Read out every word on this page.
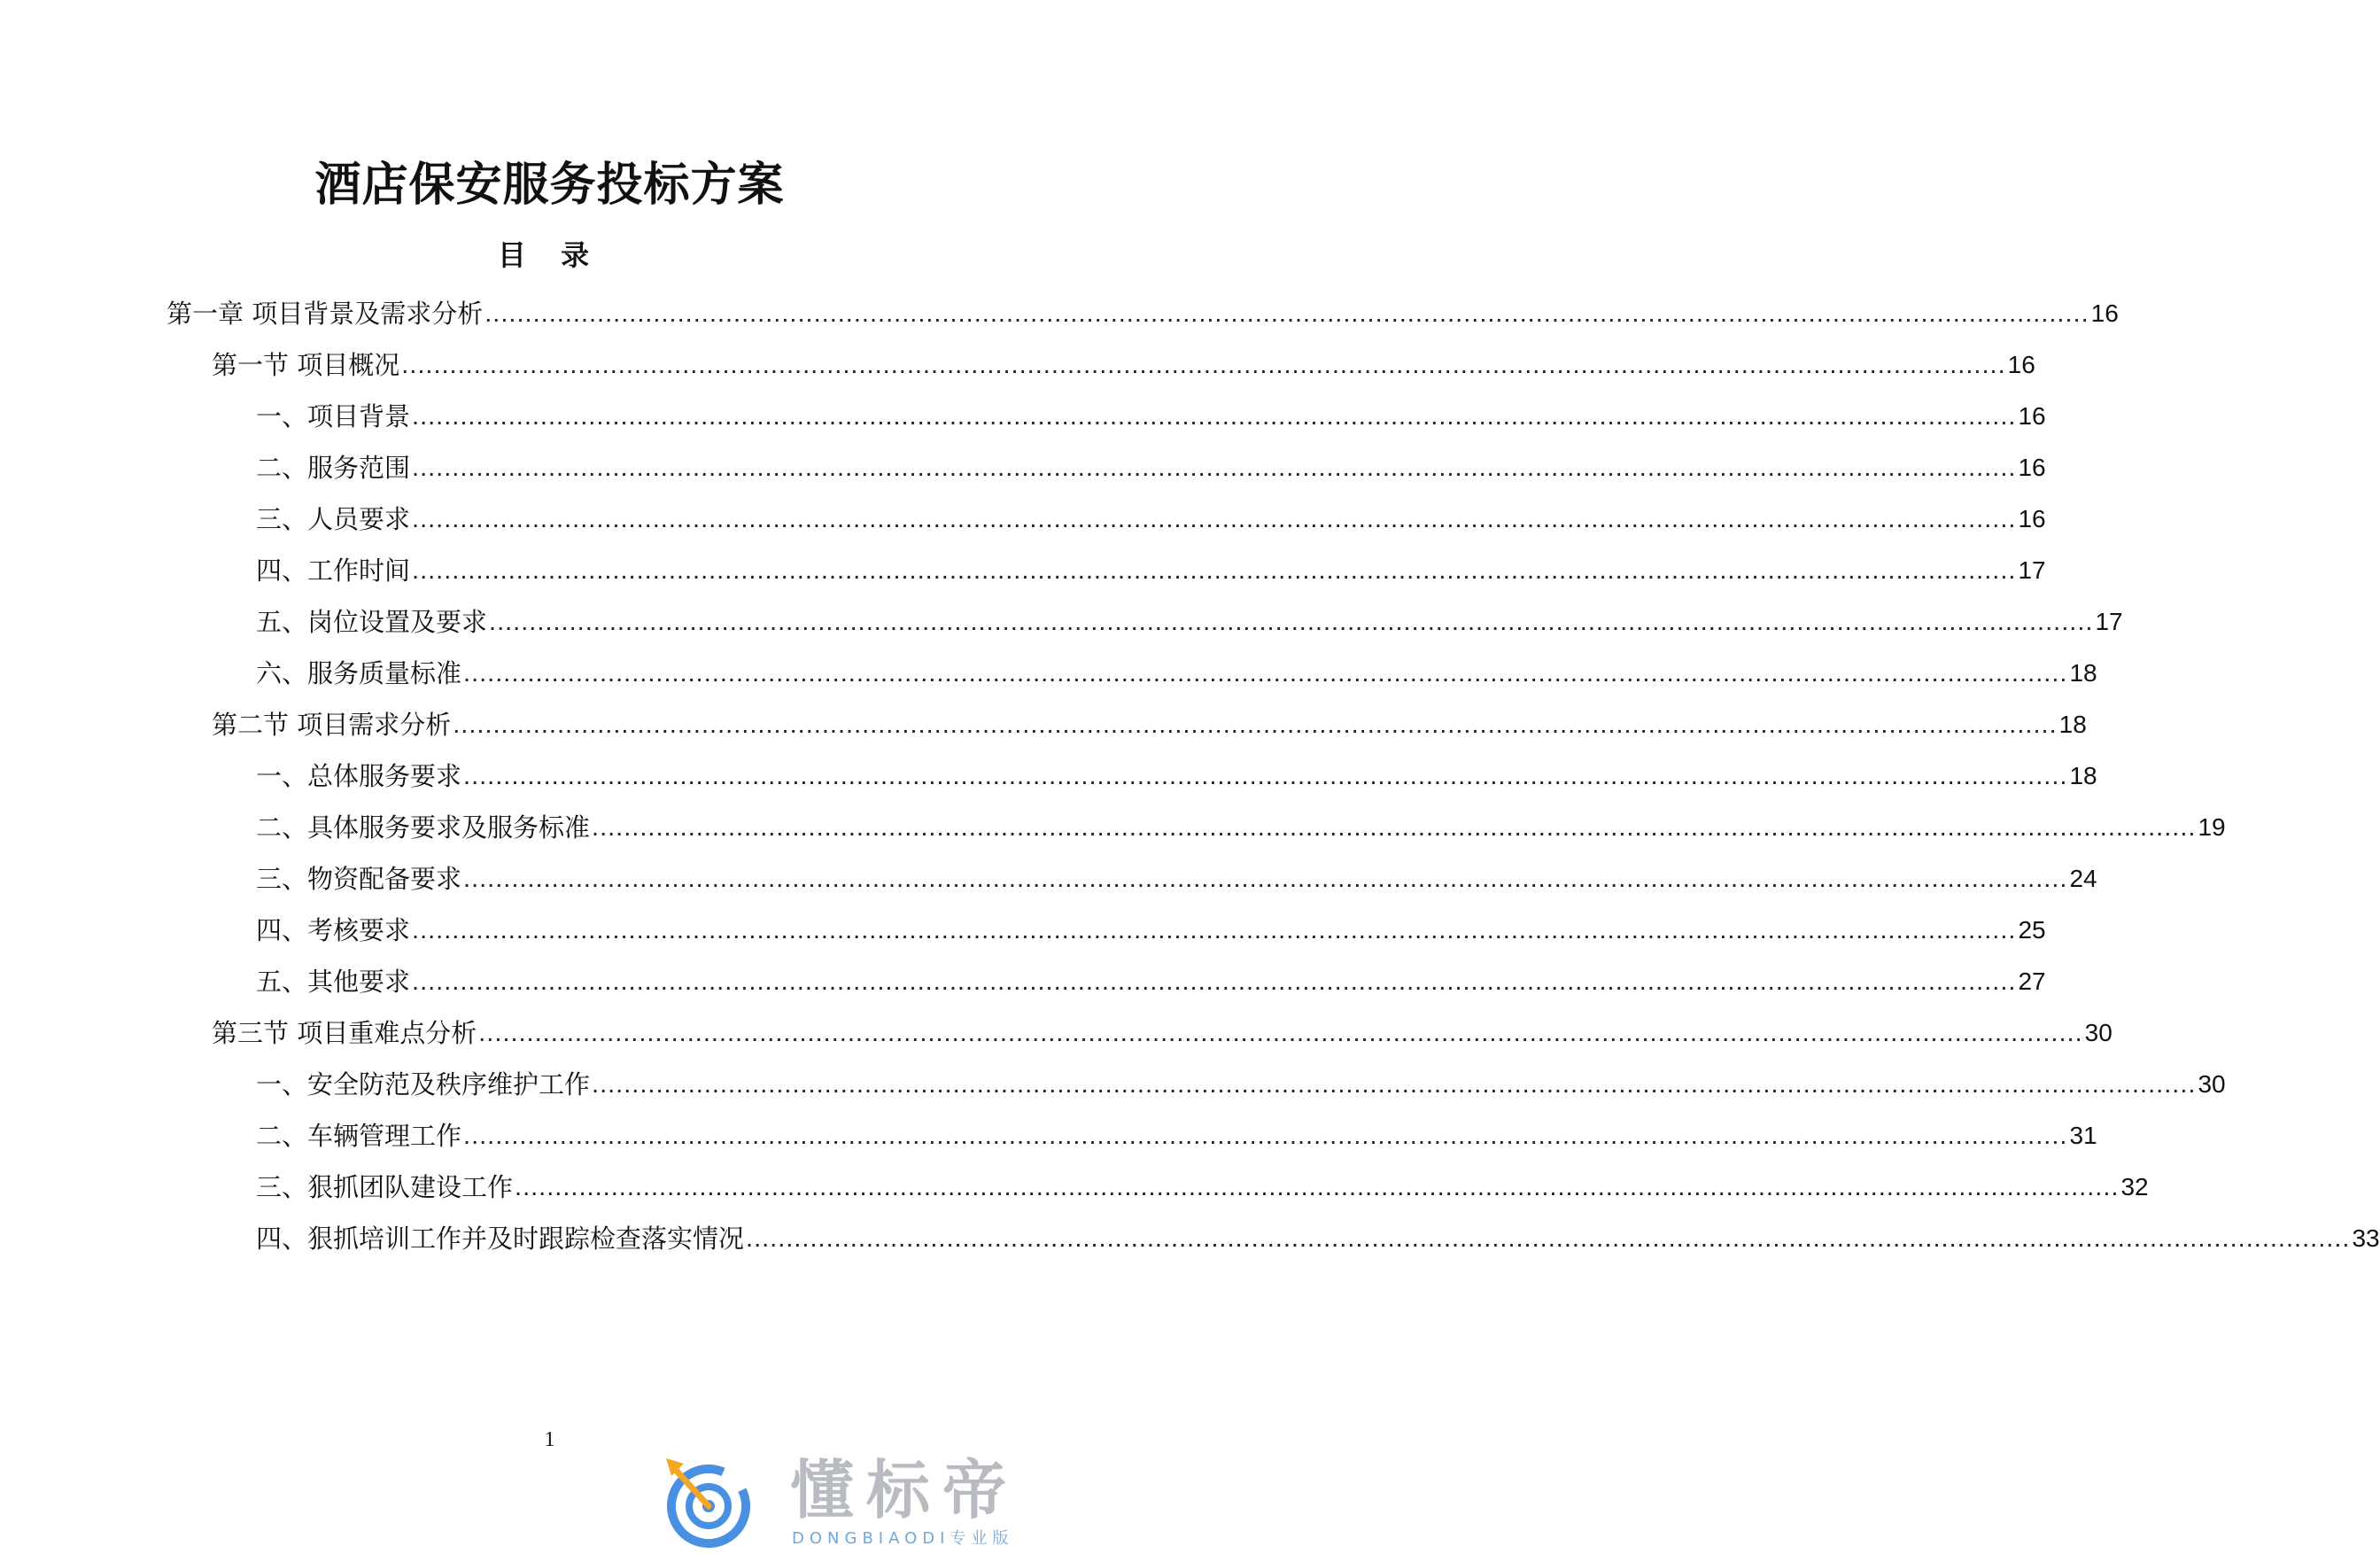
酒店保安服务投标方案
目 录
第一章 项目背景及需求分析 ........................................................................................................................................................................................................ 16
第一节 项目概况 ........................................................................................................................................................................................................ 16
一、项目背景 ........................................................................................................................................................................................................ 16
二、服务范围 ........................................................................................................................................................................................................ 16
三、人员要求 ........................................................................................................................................................................................................ 16
四、工作时间 ........................................................................................................................................................................................................ 17
五、岗位设置及要求 ........................................................................................................................................................................................................ 17
六、服务质量标准 ........................................................................................................................................................................................................ 18
第二节 项目需求分析 ........................................................................................................................................................................................................ 18
一、总体服务要求 ........................................................................................................................................................................................................ 18
二、具体服务要求及服务标准 ........................................................................................................................................................................................................ 19
三、物资配备要求 ........................................................................................................................................................................................................ 24
四、考核要求 ........................................................................................................................................................................................................ 25
五、其他要求 ........................................................................................................................................................................................................ 27
第三节 项目重难点分析 ........................................................................................................................................................................................................ 30
一、安全防范及秩序维护工作 ........................................................................................................................................................................................................ 30
二、车辆管理工作 ........................................................................................................................................................................................................ 31
三、狠抓团队建设工作 ........................................................................................................................................................................................................ 32
四、狠抓培训工作并及时跟踪检查落实情况 ........................................................................................................................................................................................................ 33
1
懂标帝
DONGBIAODI专业版
